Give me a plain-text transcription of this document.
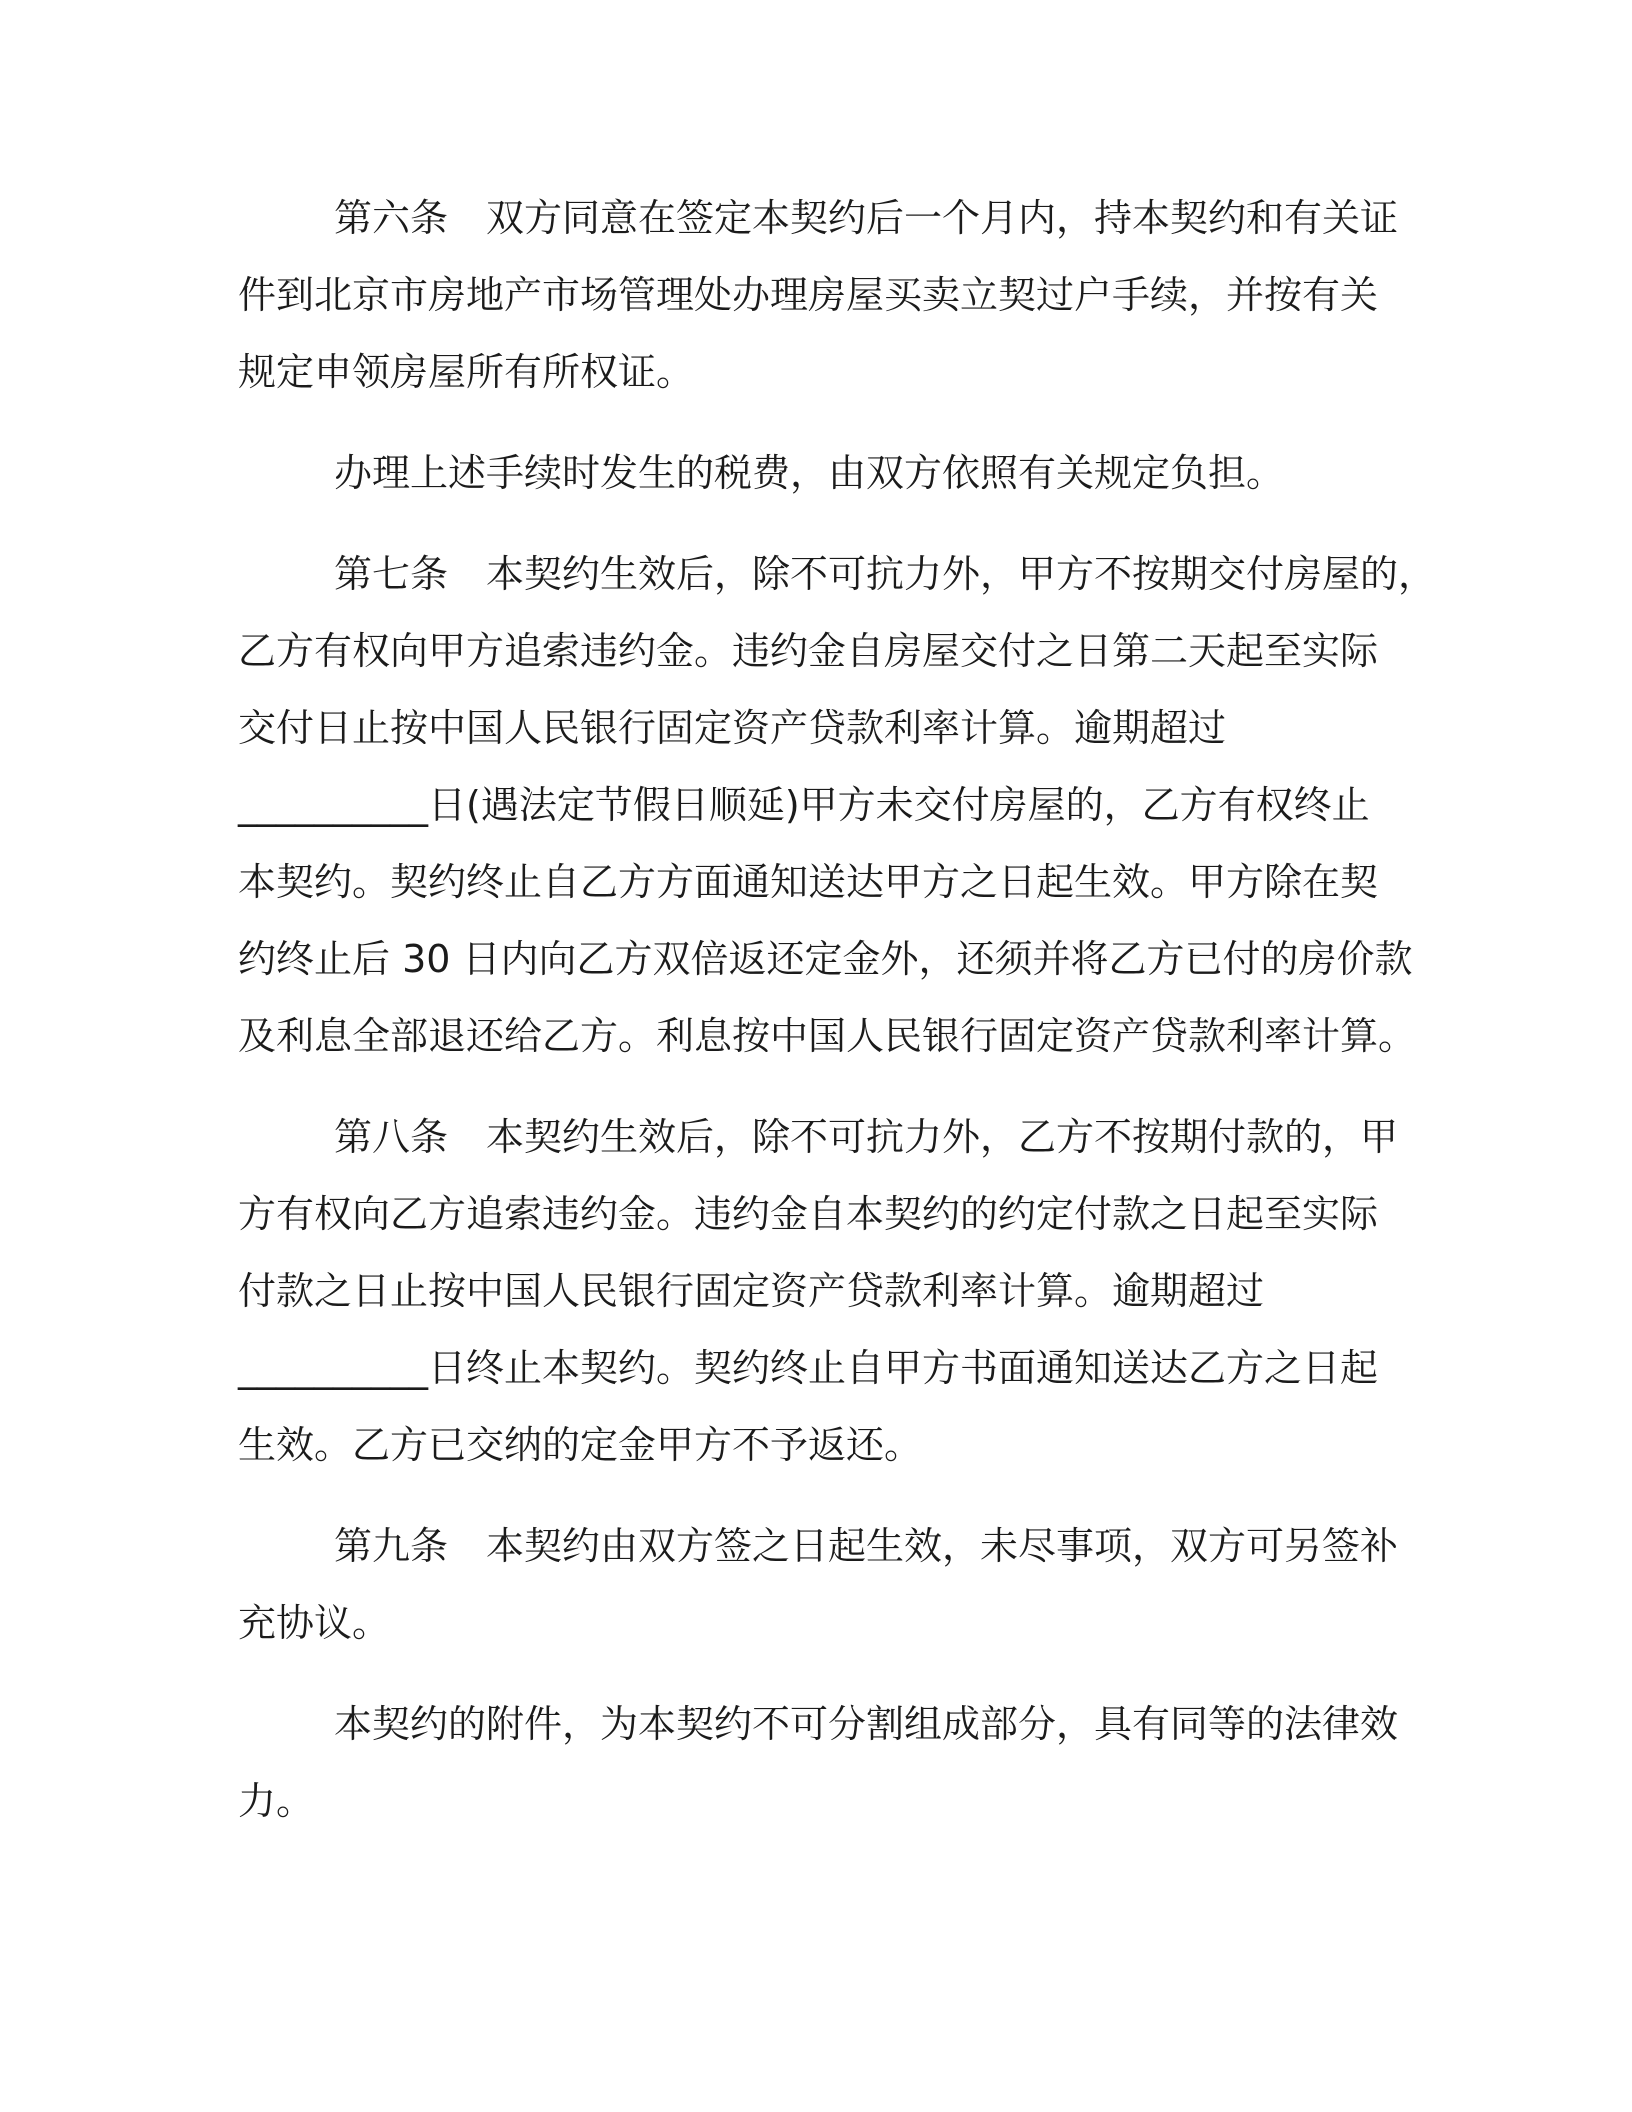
第六条　双方同意在签定本契约后一个月内，持本契约和有关证
件到北京市房地产市场管理处办理房屋买卖立契过户手续，并按有关
规定申领房屋所有所权证。

办理上述手续时发生的税费，由双方依照有关规定负担。

第七条　本契约生效后，除不可抗力外，甲方不按期交付房屋的，
乙方有权向甲方追索违约金。违约金自房屋交付之日第二天起至实际
交付日止按中国人民银行固定资产贷款利率计算。逾期超过
__________日(遇法定节假日顺延)甲方未交付房屋的，乙方有权终止
本契约。契约终止自乙方方面通知送达甲方之日起生效。甲方除在契
约终止后 30 日内向乙方双倍返还定金外，还须并将乙方已付的房价款
及利息全部退还给乙方。利息按中国人民银行固定资产贷款利率计算。

第八条　本契约生效后，除不可抗力外，乙方不按期付款的，甲
方有权向乙方追索违约金。违约金自本契约的约定付款之日起至实际
付款之日止按中国人民银行固定资产贷款利率计算。逾期超过
__________日终止本契约。契约终止自甲方书面通知送达乙方之日起
生效。乙方已交纳的定金甲方不予返还。

第九条　本契约由双方签之日起生效，未尽事项，双方可另签补
充协议。

本契约的附件，为本契约不可分割组成部分，具有同等的法律效
力。
